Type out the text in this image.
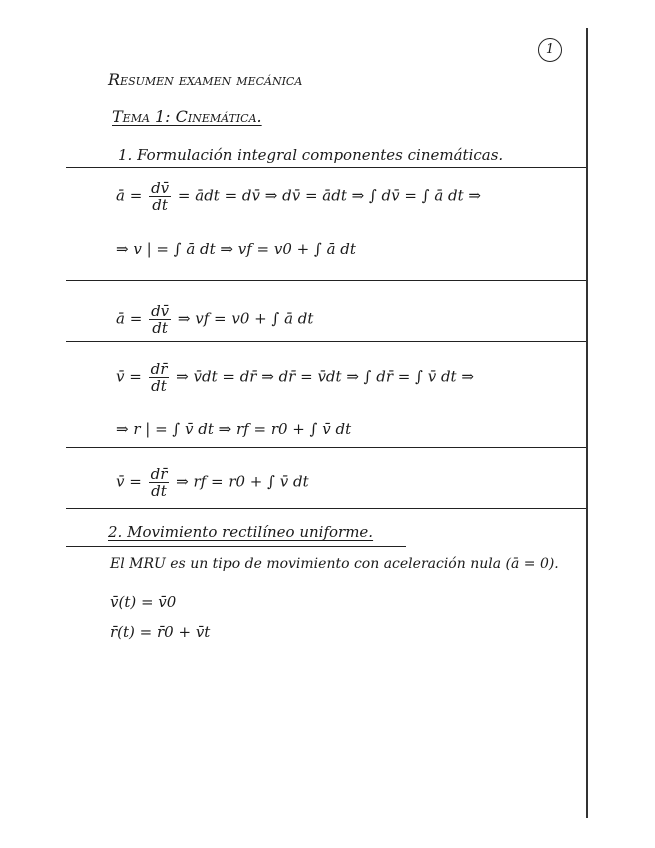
1
Resumen examen mecánica
Tema 1: Cinemática.
1. Formulación integral componentes cinemáticas.
ā = $\frac{dv̄}{dt}$ = ādt = dv̄ ⇒ dv̄ = ādt ⇒ ∫ dv̄ = ∫ ā dt ⇒
⇒ v | = ∫ ā dt ⇒ vf = v0 + ∫ ā dt
ā = $\frac{dv̄}{dt}$ ⇒ vf = v0 + ∫ ā dt
v̄ = $\frac{dr̄}{dt}$ ⇒ v̄dt = dr̄ ⇒ dr̄ = v̄dt ⇒ ∫ dr̄ = ∫ v̄ dt ⇒
⇒ r | = ∫ v̄ dt ⇒ rf = r0 + ∫ v̄ dt
v̄ = $\frac{dr̄}{dt}$ ⇒ rf = r0 + ∫ v̄ dt
2. Movimiento rectilíneo uniforme.
El MRU es un tipo de movimiento con aceleración nula (ā = 0).
v̄(t) = v̄0
r̄(t) = r̄0 + v̄t
